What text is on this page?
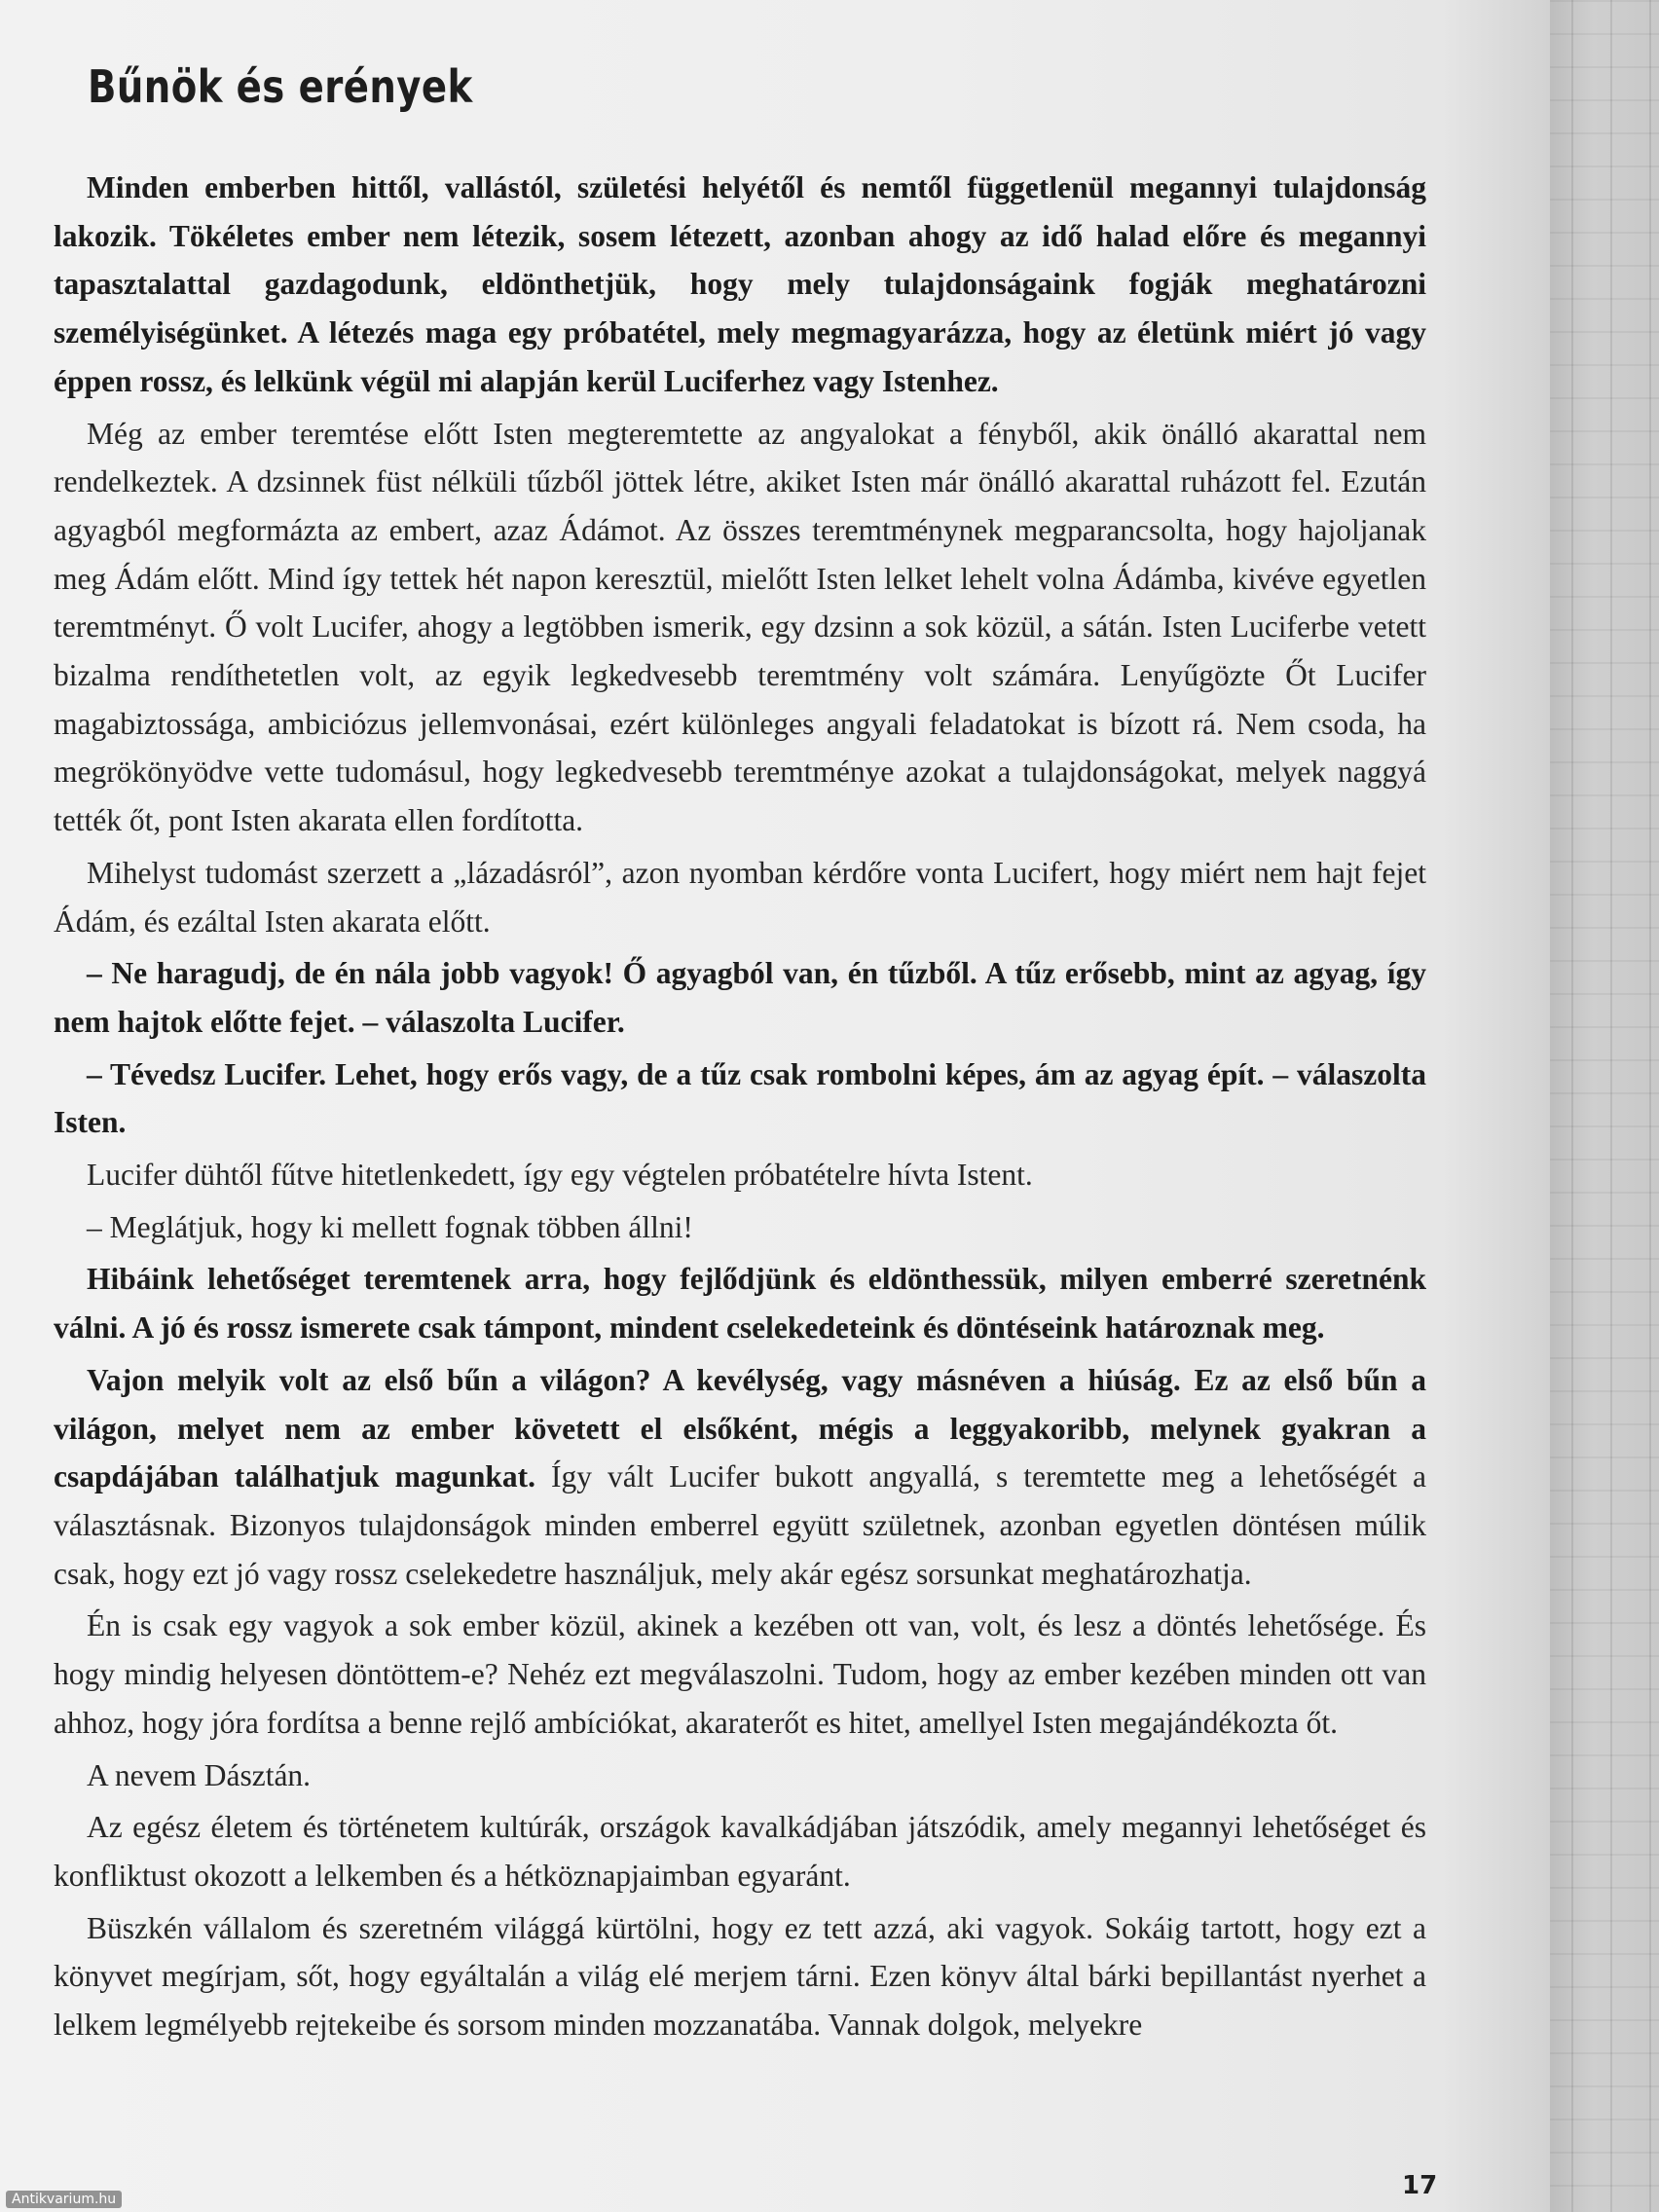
Bűnök és erények

Minden emberben hittől, vallástól, születési helyétől és nemtől függetlenül megannyi tulajdonság lakozik. Tökéletes ember nem létezik, sosem létezett, azonban ahogy az idő halad előre és megannyi tapasztalattal gazdagodunk, eldönthetjük, hogy mely tulajdonságaink fogják meghatározni személyiségünket. A létezés maga egy próbatétel, mely megmagyarázza, hogy az életünk miért jó vagy éppen rossz, és lelkünk végül mi alapján kerül Luciferhez vagy Istenhez.

Még az ember teremtése előtt Isten megteremtette az angyalokat a fényből, akik önálló akarattal nem rendelkeztek. A dzsinnek füst nélküli tűzből jöttek létre, akiket Isten már önálló akarattal ruházott fel. Ezután agyagból megformázta az embert, azaz Ádámot. Az összes teremtménynek megparancsolta, hogy hajoljanak meg Ádám előtt. Mind így tettek hét napon keresztül, mielőtt Isten lelket lehelt volna Ádámba, kivéve egyetlen teremtményt. Ő volt Lucifer, ahogy a legtöbben ismerik, egy dzsinn a sok közül, a sátán. Isten Luciferbe vetett bizalma rendíthetetlen volt, az egyik legkedvesebb teremtmény volt számára. Lenyűgözte Őt Lucifer magabiztossága, ambiciózus jellemvonásai, ezért különleges angyali feladatokat is bízott rá. Nem csoda, ha megrökönyödve vette tudomásul, hogy legkedvesebb teremtménye azokat a tulajdonságokat, melyek naggyá tették őt, pont Isten akarata ellen fordította.

Mihelyst tudomást szerzett a „lázadásról”, azon nyomban kérdőre vonta Lucifert, hogy miért nem hajt fejet Ádám, és ezáltal Isten akarata előtt.

– Ne haragudj, de én nála jobb vagyok! Ő agyagból van, én tűzből. A tűz erősebb, mint az agyag, így nem hajtok előtte fejet. – válaszolta Lucifer.

– Tévedsz Lucifer. Lehet, hogy erős vagy, de a tűz csak rombolni képes, ám az agyag épít. – válaszolta Isten.

Lucifer dühtől fűtve hitetlenkedett, így egy végtelen próbatételre hívta Istent.

– Meglátjuk, hogy ki mellett fognak többen állni!

Hibáink lehetőséget teremtenek arra, hogy fejlődjünk és eldönthessük, milyen emberré szeretnénk válni. A jó és rossz ismerete csak támpont, mindent cselekedeteink és döntéseink határoznak meg.

Vajon melyik volt az első bűn a világon? A kevélység, vagy másnéven a hiúság. Ez az első bűn a világon, melyet nem az ember követett el elsőként, mégis a leggyakoribb, melynek gyakran a csapdájában találhatjuk magunkat. Így vált Lucifer bukott angyallá, s teremtette meg a lehetőségét a választásnak. Bizonyos tulajdonságok minden emberrel együtt születnek, azonban egyetlen döntésen múlik csak, hogy ezt jó vagy rossz cselekedetre használjuk, mely akár egész sorsunkat meghatározhatja.

Én is csak egy vagyok a sok ember közül, akinek a kezében ott van, volt, és lesz a döntés lehetősége. És hogy mindig helyesen döntöttem-e? Nehéz ezt megválaszolni. Tudom, hogy az ember kezében minden ott van ahhoz, hogy jóra fordítsa a benne rejlő ambíciókat, akaraterőt es hitet, amellyel Isten megajándékozta őt.

A nevem Dásztán.

Az egész életem és történetem kultúrák, országok kavalkádjában játszódik, amely megannyi lehetőséget és konfliktust okozott a lelkemben és a hétköznapjaimban egyaránt.

Büszkén vállalom és szeretném világgá kürtölni, hogy ez tett azzá, aki vagyok. Sokáig tartott, hogy ezt a könyvet megírjam, sőt, hogy egyáltalán a világ elé merjem tárni. Ezen könyv által bárki bepillantást nyerhet a lelkem legmélyebb rejtekeibe és sorsom minden mozzanatába. Vannak dolgok, melyekre

17
Antikvarium.hu
